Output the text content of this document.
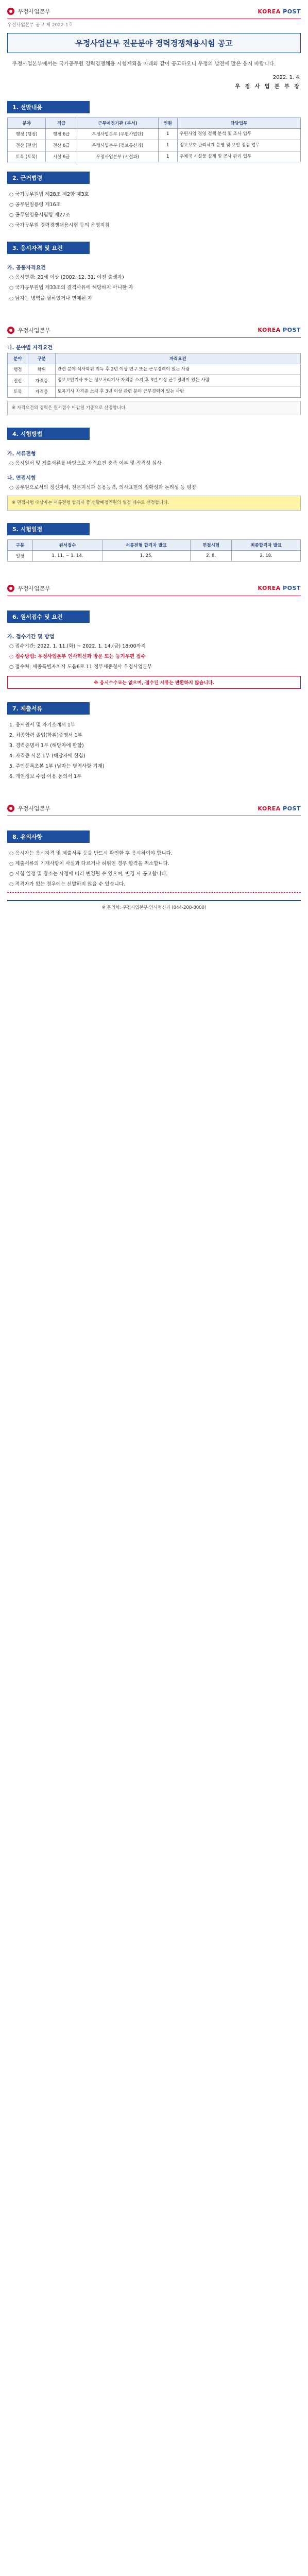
우정사업본부	KOREA POST
우정사업본부 공고 제 2022-1호
우정사업본부 전문분야 경력경쟁채용시험 공고
우정사업본부에서는 국가공무원 경력경쟁채용 시험계획을 아래와 같이 공고하오니 우정의 발전에 많은 응시 바랍니다.
2022. 1. 4.
우 정 사 업 본 부 장
1. 선발내용
분야	직급	근무예정기관 (부서)	인원	담당업무
행정 (행정)	행정 6급	우정사업본부 (우편사업단)	1	우편사업 경영 정책 분석 및 조사 업무
전산 (전산)	전산 6급	우정사업본부 (정보통신과)	1	정보보호 관리체계 운영 및 보안 점검 업무
토목 (토목)	시설 6급	우정사업본부 (시설과)	1	우체국 시설물 설계 및 공사 관리 업무
2. 근거법령
○ 국가공무원법 제28조 제2항 제3호
○ 공무원임용령 제16조
○ 공무원임용시험령 제27조
○ 국가공무원 경력경쟁채용시험 등의 운영지침
3. 응시자격 및 요건
가. 공통자격요건
○ 응시연령: 20세 이상 (2002. 12. 31. 이전 출생자)
○ 국가공무원법 제33조의 결격사유에 해당하지 아니한 자
○ 남자는 병역을 필하였거나 면제된 자
우정사업본부	KOREA POST
나. 분야별 자격요건
분야	구분	자격요건
행정	학위	관련 분야 석사학위 취득 후 2년 이상 연구 또는 근무경력이 있는 사람
전산	자격증	정보보안기사 또는 정보처리기사 자격증 소지 후 3년 이상 근무경력이 있는 사람
토목	자격증	토목기사 자격증 소지 후 3년 이상 관련 분야 근무경력이 있는 사람
※ 자격요건의 경력은 원서접수 마감일 기준으로 산정합니다.
4. 시험방법
가. 서류전형
○ 응시원서 및 제출서류를 바탕으로 자격요건 충족 여부 및 적격성 심사
나. 면접시험
○ 공무원으로서의 정신자세, 전문지식과 응용능력, 의사표현의 정확성과 논리성 등 평정
※ 면접시험 대상자는 서류전형 합격자 중 선발예정인원의 일정 배수로 선정합니다.
5. 시험일정
구분	원서접수	서류전형 합격자 발표	면접시험	최종합격자 발표
일정	1. 11. ~ 1. 14.	1. 25.	2. 8.	2. 18.
우정사업본부	KOREA POST
6. 원서접수 및 요건
가. 접수기간 및 방법
○ 접수기간: 2022. 1. 11.(화) ~ 2022. 1. 14.(금) 18:00까지
○ 접수방법: 우정사업본부 인사혁신과 방문 또는 등기우편 접수
○ 접수처: 세종특별자치시 도움6로 11 정부세종청사 우정사업본부
※ 응시수수료는 없으며, 접수된 서류는 반환하지 않습니다.
7. 제출서류
1. 응시원서 및 자기소개서 1부
2. 최종학력 졸업(학위)증명서 1부
3. 경력증명서 1부 (해당자에 한함)
4. 자격증 사본 1부 (해당자에 한함)
5. 주민등록초본 1부 (남자는 병역사항 기재)
6. 개인정보 수집·이용 동의서 1부
우정사업본부	KOREA POST
8. 유의사항
○ 응시자는 응시자격 및 제출서류 등을 반드시 확인한 후 응시하여야 합니다.
○ 제출서류의 기재사항이 사실과 다르거나 허위인 경우 합격을 취소합니다.
○ 시험 일정 및 장소는 사정에 따라 변경될 수 있으며, 변경 시 공고합니다.
○ 적격자가 없는 경우에는 선발하지 않을 수 있습니다.
※ 문의처: 우정사업본부 인사혁신과 (044-200-8000)
